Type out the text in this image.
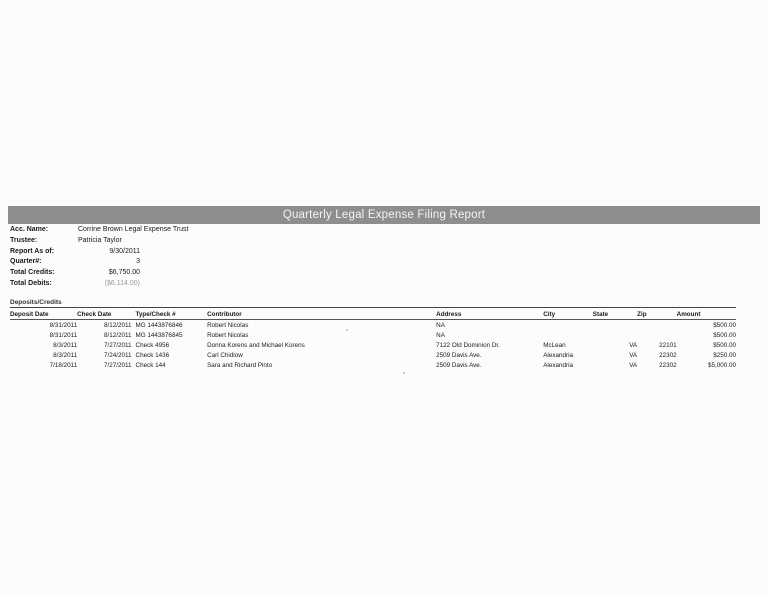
Quarterly Legal Expense Filing Report
Acc. Name:	Corrine Brown Legal Expense Trust
Trustee:	Patricia Taylor
Report As of:	9/30/2011
Quarter#:	3
Total Credits:	$6,750.00
Total Debits:	($6,114.00)
Deposits/Credits
Deposit Date	Check Date	Type/Check #	Contributor	Address	City	State	Zip	Amount
8/31/2011	8/12/2011	MG 1443876846	Robert Nicolas	NA				$500.00
8/31/2011	8/12/2011	MG 1443876845	Robert Nicolas	NA				$500.00
8/3/2011	7/27/2011	Check 4956	Donna Korens and Michael Korens	7122 Old Dominion Dr.	McLean	VA	22101	$500.00
8/3/2011	7/24/2011	Check 1436	Carl Chidlow	2509 Davis Ave.	Alexandria	VA	22302	$250.00
7/18/2011	7/27/2011	Check 144	Sara and Richard Pinto	2509 Davis Ave.	Alexandria	VA	22302	$5,000.00
